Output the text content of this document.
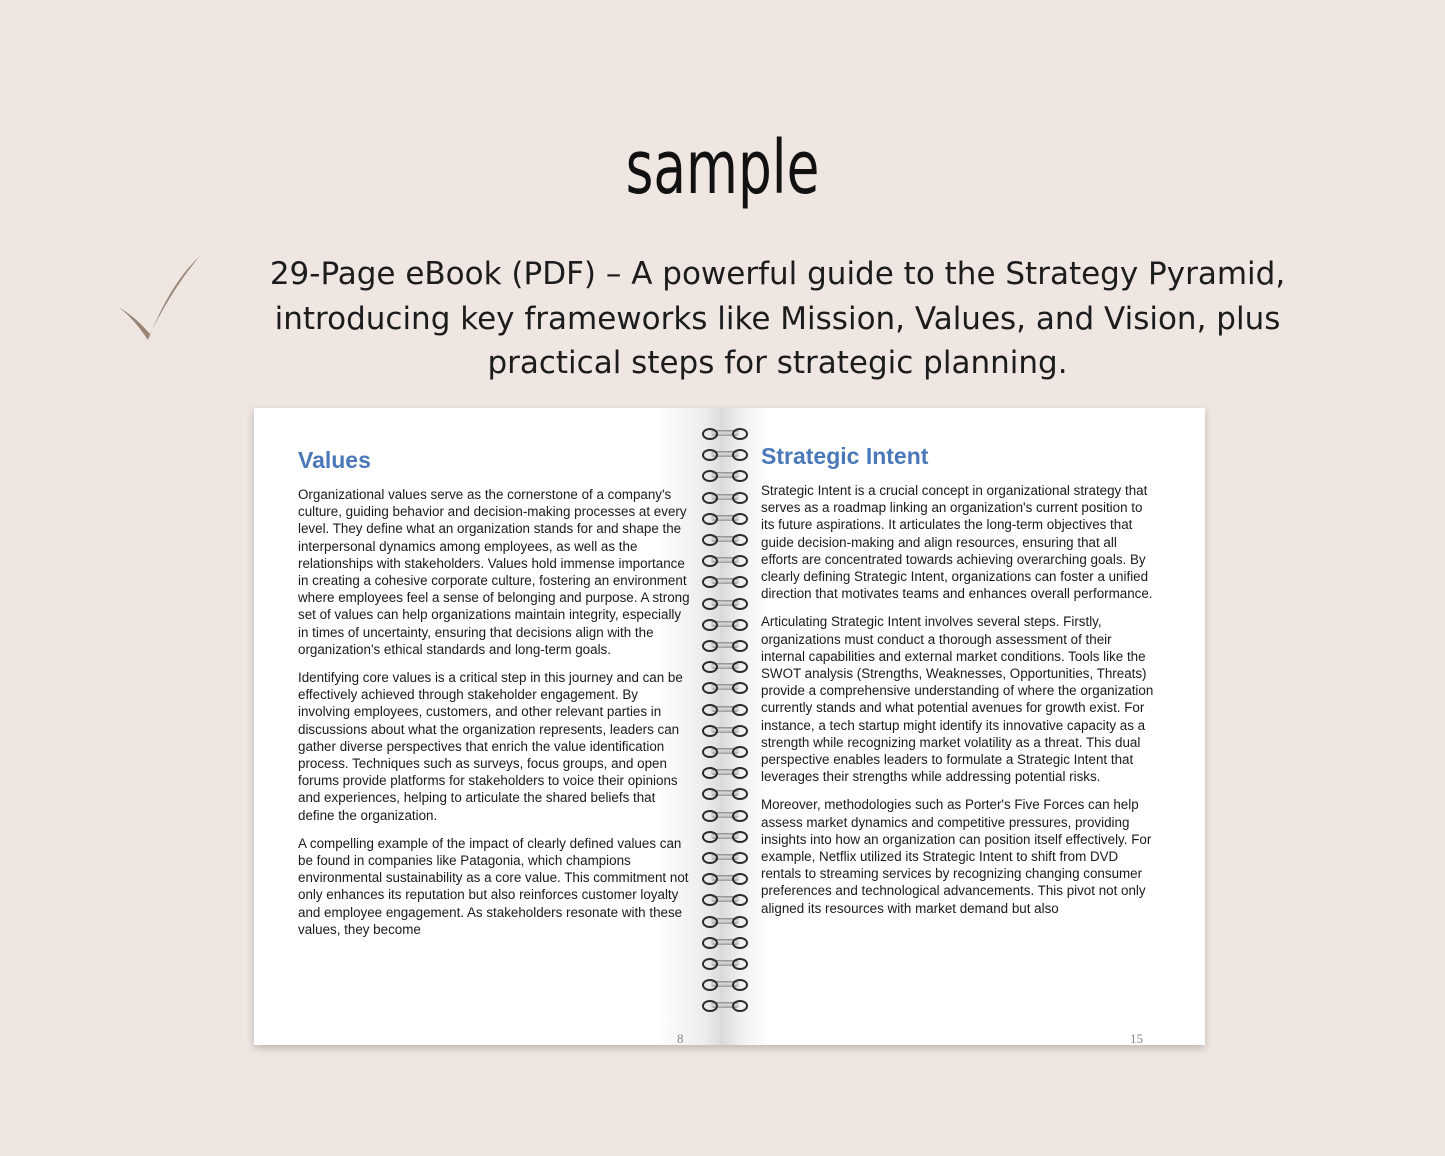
sample
29-Page eBook (PDF) – A powerful guide to the Strategy Pyramid, introducing key frameworks like Mission, Values, and Vision, plus practical steps for strategic planning.
Values

Organizational values serve as the cornerstone of a company's culture, guiding behavior and decision-making processes at every level. They define what an organization stands for and shape the interpersonal dynamics among employees, as well as the relationships with stakeholders. Values hold immense importance in creating a cohesive corporate culture, fostering an environment where employees feel a sense of belonging and purpose. A strong set of values can help organizations maintain integrity, especially in times of uncertainty, ensuring that decisions align with the organization's ethical standards and long-term goals.

Identifying core values is a critical step in this journey and can be effectively achieved through stakeholder engagement. By involving employees, customers, and other relevant parties in discussions about what the organization represents, leaders can gather diverse perspectives that enrich the value identification process. Techniques such as surveys, focus groups, and open forums provide platforms for stakeholders to voice their opinions and experiences, helping to articulate the shared beliefs that define the organization.

A compelling example of the impact of clearly defined values can be found in companies like Patagonia, which champions environmental sustainability as a core value. This commitment not only enhances its reputation but also reinforces customer loyalty and employee engagement. As stakeholders resonate with these values, they become

8
Strategic Intent

Strategic Intent is a crucial concept in organizational strategy that serves as a roadmap linking an organization's current position to its future aspirations. It articulates the long-term objectives that guide decision-making and align resources, ensuring that all efforts are concentrated towards achieving overarching goals. By clearly defining Strategic Intent, organizations can foster a unified direction that motivates teams and enhances overall performance.

Articulating Strategic Intent involves several steps. Firstly, organizations must conduct a thorough assessment of their internal capabilities and external market conditions. Tools like the SWOT analysis (Strengths, Weaknesses, Opportunities, Threats) provide a comprehensive understanding of where the organization currently stands and what potential avenues for growth exist. For instance, a tech startup might identify its innovative capacity as a strength while recognizing market volatility as a threat. This dual perspective enables leaders to formulate a Strategic Intent that leverages their strengths while addressing potential risks.

Moreover, methodologies such as Porter's Five Forces can help assess market dynamics and competitive pressures, providing insights into how an organization can position itself effectively. For example, Netflix utilized its Strategic Intent to shift from DVD rentals to streaming services by recognizing changing consumer preferences and technological advancements. This pivot not only aligned its resources with market demand but also

15
